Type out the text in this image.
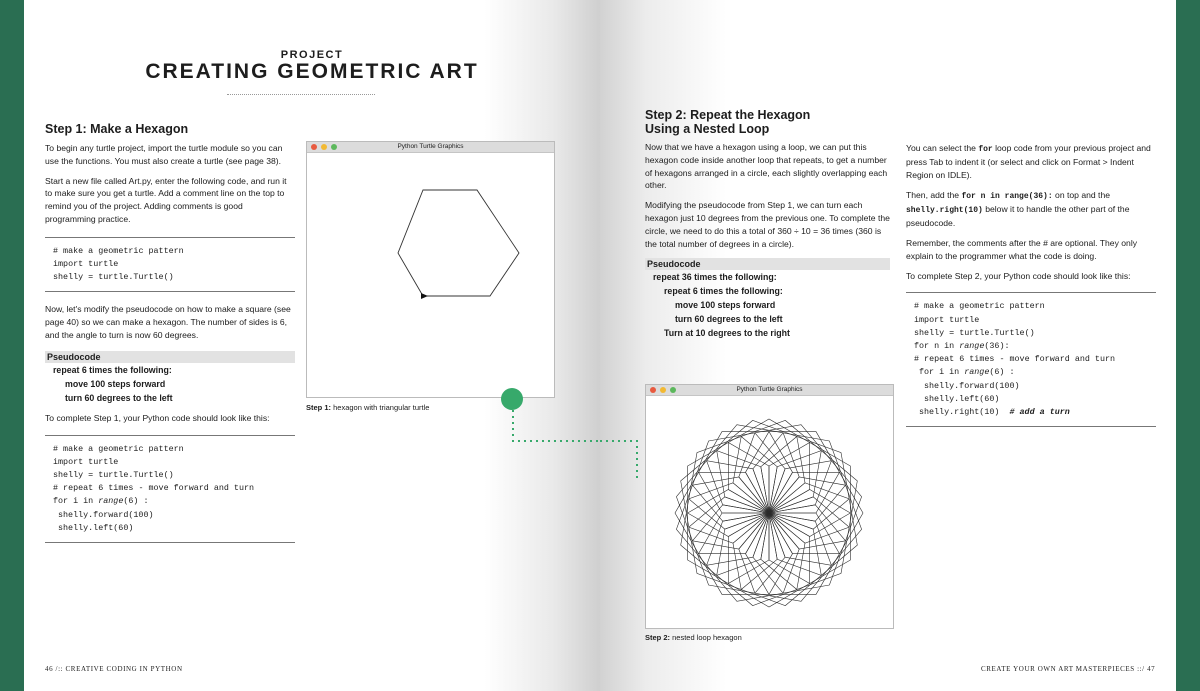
PROJECT
CREATING GEOMETRIC ART
Step 1: Make a Hexagon

To begin any turtle project, import the turtle module so you can use the functions. You must also create a turtle (see page 38).

Start a new file called Art.py, enter the following code, and run it to make sure you get a turtle. Add a comment line on the top to remind you of the project. Adding comments is good programming practice.

# make a geometric pattern
import turtle
shelly = turtle.Turtle()

Now, let's modify the pseudocode on how to make a square (see page 40) so we can make a hexagon. The number of sides is 6, and the angle to turn is now 60 degrees.

Pseudocode
repeat 6 times the following:
move 100 steps forward
turn 60 degrees to the left

To complete Step 1, your Python code should look like this:

# make a geometric pattern
import turtle
shelly = turtle.Turtle()
# repeat 6 times - move forward and turn
for i in range(6) :
shelly.forward(100)
shelly.left(60)
Python Turtle Graphics
Step 1: hexagon with triangular turtle
46 /:: CREATIVE CODING IN PYTHON
Step 2: Repeat the Hexagon
Using a Nested Loop

Now that we have a hexagon using a loop, we can put this hexagon code inside another loop that repeats, to get a number of hexagons arranged in a circle, each slightly overlapping each other.

Modifying the pseudocode from Step 1, we can turn each hexagon just 10 degrees from the previous one. To complete the circle, we need to do this a total of 360 ÷ 10 = 36 times (360 is the total number of degrees in a circle).

Pseudocode
repeat 36 times the following:
repeat 6 times the following:
move 100 steps forward
turn 60 degrees to the left
Turn at 10 degrees to the right
Python Turtle Graphics
Step 2: nested loop hexagon

You can select the for loop code from your previous project and press Tab to indent it (or select and click on Format > Indent Region on IDLE).

Then, add the for n in range(36): on top and the shelly.right(10) below it to handle the other part of the pseudocode.

Remember, the comments after the # are optional. They only explain to the programmer what the code is doing.

To complete Step 2, your Python code should look like this:

# make a geometric pattern
import turtle
shelly = turtle.Turtle()
for n in range(36):
# repeat 6 times - move forward and turn
for i in range(6) :
shelly.forward(100)
shelly.left(60)
shelly.right(10) # add a turn
CREATE YOUR OWN ART MASTERPIECES ::/ 47
